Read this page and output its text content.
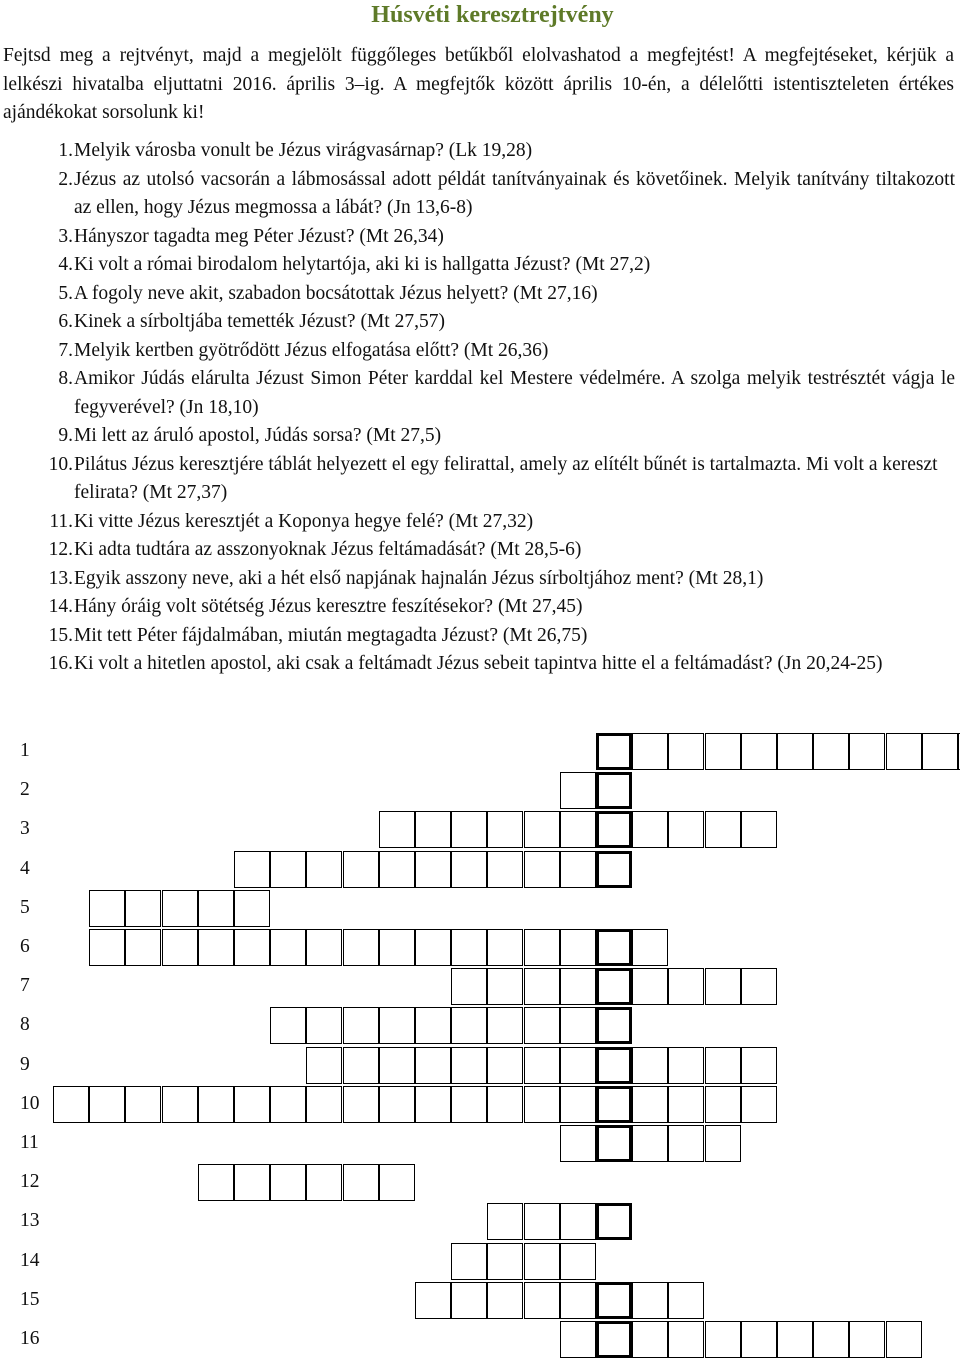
Húsvéti keresztrejtvény

Fejtsd meg a rejtvényt, majd a megjelölt függőleges betűkből elolvashatod a megfejtést! A megfejtéseket, kérjük a lelkészi hivatalba eljuttatni 2016. április 3–ig. A megfejtők között április 10-én, a délelőtti istentiszteleten értékes ajándékokat sorsolunk ki!

1. Melyik városba vonult be Jézus virágvasárnap? (Lk 19,28)
2. Jézus az utolsó vacsorán a lábmosással adott példát tanítványainak és követőinek. Melyik tanítvány tiltakozott az ellen, hogy Jézus megmossa a lábát? (Jn 13,6-8)
3. Hányszor tagadta meg Péter Jézust? (Mt 26,34)
4. Ki volt a római birodalom helytartója, aki ki is hallgatta Jézust? (Mt 27,2)
5. A fogoly neve akit, szabadon bocsátottak Jézus helyett? (Mt 27,16)
6. Kinek a sírboltjába temették Jézust? (Mt 27,57)
7. Melyik kertben gyötrődött Jézus elfogatása előtt? (Mt 26,36)
8. Amikor Júdás elárulta Jézust Simon Péter karddal kel Mestere védelmére. A szolga melyik testrésztét vágja le fegyverével? (Jn 18,10)
9. Mi lett az áruló apostol, Júdás sorsa? (Mt 27,5)
10. Pilátus Jézus keresztjére táblát helyezett el egy felirattal, amely az elítélt bűnét is tartalmazta. Mi volt a kereszt felirata? (Mt 27,37)
11. Ki vitte Jézus keresztjét a Koponya hegye felé? (Mt 27,32)
12. Ki adta tudtára az asszonyoknak Jézus feltámadását? (Mt 28,5-6)
13. Egyik asszony neve, aki a hét első napjának hajnalán Jézus sírboltjához ment? (Mt 28,1)
14. Hány óráig volt sötétség Jézus keresztre feszítésekor? (Mt 27,45)
15. Mit tett Péter fájdalmában, miután megtagadta Jézust? (Mt 26,75)
16. Ki volt a hitetlen apostol, aki csak a feltámadt Jézus sebeit tapintva hitte el a feltámadást? (Jn 20,24-25)
1
2
3
4
5
6
7
8
9
10
11
12
13
14
15
16
